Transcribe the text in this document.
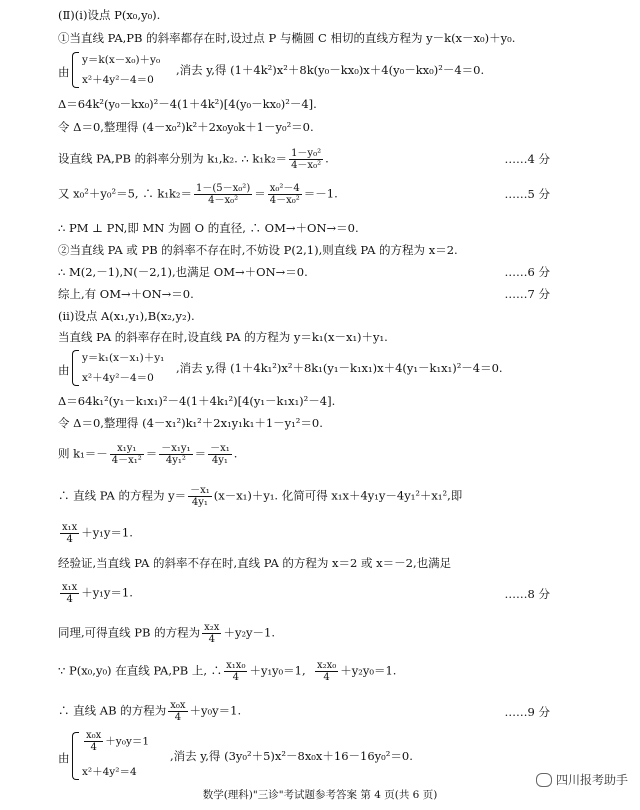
(Ⅱ)(i)设点 P(x₀,y₀).
①当直线 PA,PB 的斜率都存在时,设过点 P 与椭圆 C 相切的直线方程为 y－k(x－x₀)＋y₀.
由
y＝k(x－x₀)＋y₀
x²＋4y²－4＝0
,消去 y,得 (1＋4k²)x²＋8k(y₀－kx₀)x＋4(y₀－kx₀)²－4＝0.
Δ＝64k²(y₀－kx₀)²－4(1＋4k²)[4(y₀－kx₀)²－4].
令 Δ＝0,整理得 (4－x₀²)k²＋2x₀y₀k＋1－y₀²＝0.
设直线 PA,PB 的斜率分别为 k₁,k₂. ∴ $k_1k_2= \frac{\text{1－y₀²}}{\text{4－x₀²}}$ .	……4 分
又 x₀²＋y₀²＝5, ∴ $k_1k_2= \frac{\text{1－(5－x₀²)}}{\text{4－x₀²}} = \frac{\text{x₀²－4}}{\text{4－x₀²}} =-1$.	……5 分
∴ PM ⊥ PN,即 MN 为圆 O 的直径, ∴ OM→＋ON→＝0.
②当直线 PA 或 PB 的斜率不存在时,不妨设 P(2,1),则直线 PA 的方程为 x＝2.
∴ M(2,－1),N(－2,1),也满足 OM→＋ON→＝0.	……6 分
综上,有 OM→＋ON→＝0.	……7 分
(ii)设点 A(x₁,y₁),B(x₂,y₂).
当直线 PA 的斜率存在时,设直线 PA 的方程为 y＝k₁(x－x₁)＋y₁.
由
y＝k₁(x－x₁)＋y₁
x²＋4y²－4＝0
,消去 y,得 (1＋4k₁²)x²＋8k₁(y₁－k₁x₁)x＋4(y₁－k₁x₁)²－4＝0.
Δ＝64k₁²(y₁－k₁x₁)²－4(1＋4k₁²)[4(y₁－k₁x₁)²－4].
令 Δ＝0,整理得 (4－x₁²)k₁²＋2x₁y₁k₁＋1－y₁²＝0.
则 $k_1=- \frac{\text{x₁y₁}}{\text{4－x₁²}} = \frac{\text{－x₁y₁}}{\text{4y₁²}} = \frac{\text{－x₁}}{\text{4y₁}}$ .
∴ 直线 PA 的方程为 $y= \frac{\text{－x₁}}{\text{4y₁}} (x-x_1)+y_1$. 化简可得 x₁x＋4y₁y－4y₁²＋x₁²,即
$\frac{\text{x₁x}}{4} +y_1y=1$.
经验证,当直线 PA 的斜率不存在时,直线 PA 的方程为 x＝2 或 x＝－2,也满足
$\frac{\text{x₁x}}{4} +y_1y=1$.	……8 分
同理,可得直线 PB 的方程为 $\frac{\text{x₂x}}{4} +y_2y-1$.
∵ P(x₀,y₀) 在直线 PA,PB 上, ∴ $\frac{\text{x₁x₀}}{4} +y_1y_0=1$, $\frac{\text{x₂x₀}}{4} +y_2y_0=1$.
∴ 直线 AB 的方程为 $\frac{\text{x₀x}}{4} +y_0y=1$.	……9 分
由
$\frac{\text{x₀x}}{4} +y_0y=1$
x²＋4y²＝4
,消去 y,得 (3y₀²＋5)x²－8x₀x＋16－16y₀²＝0.
四川报考助手
数学(理科)"三诊"考试题参考答案 第 4 页(共 6 页)
